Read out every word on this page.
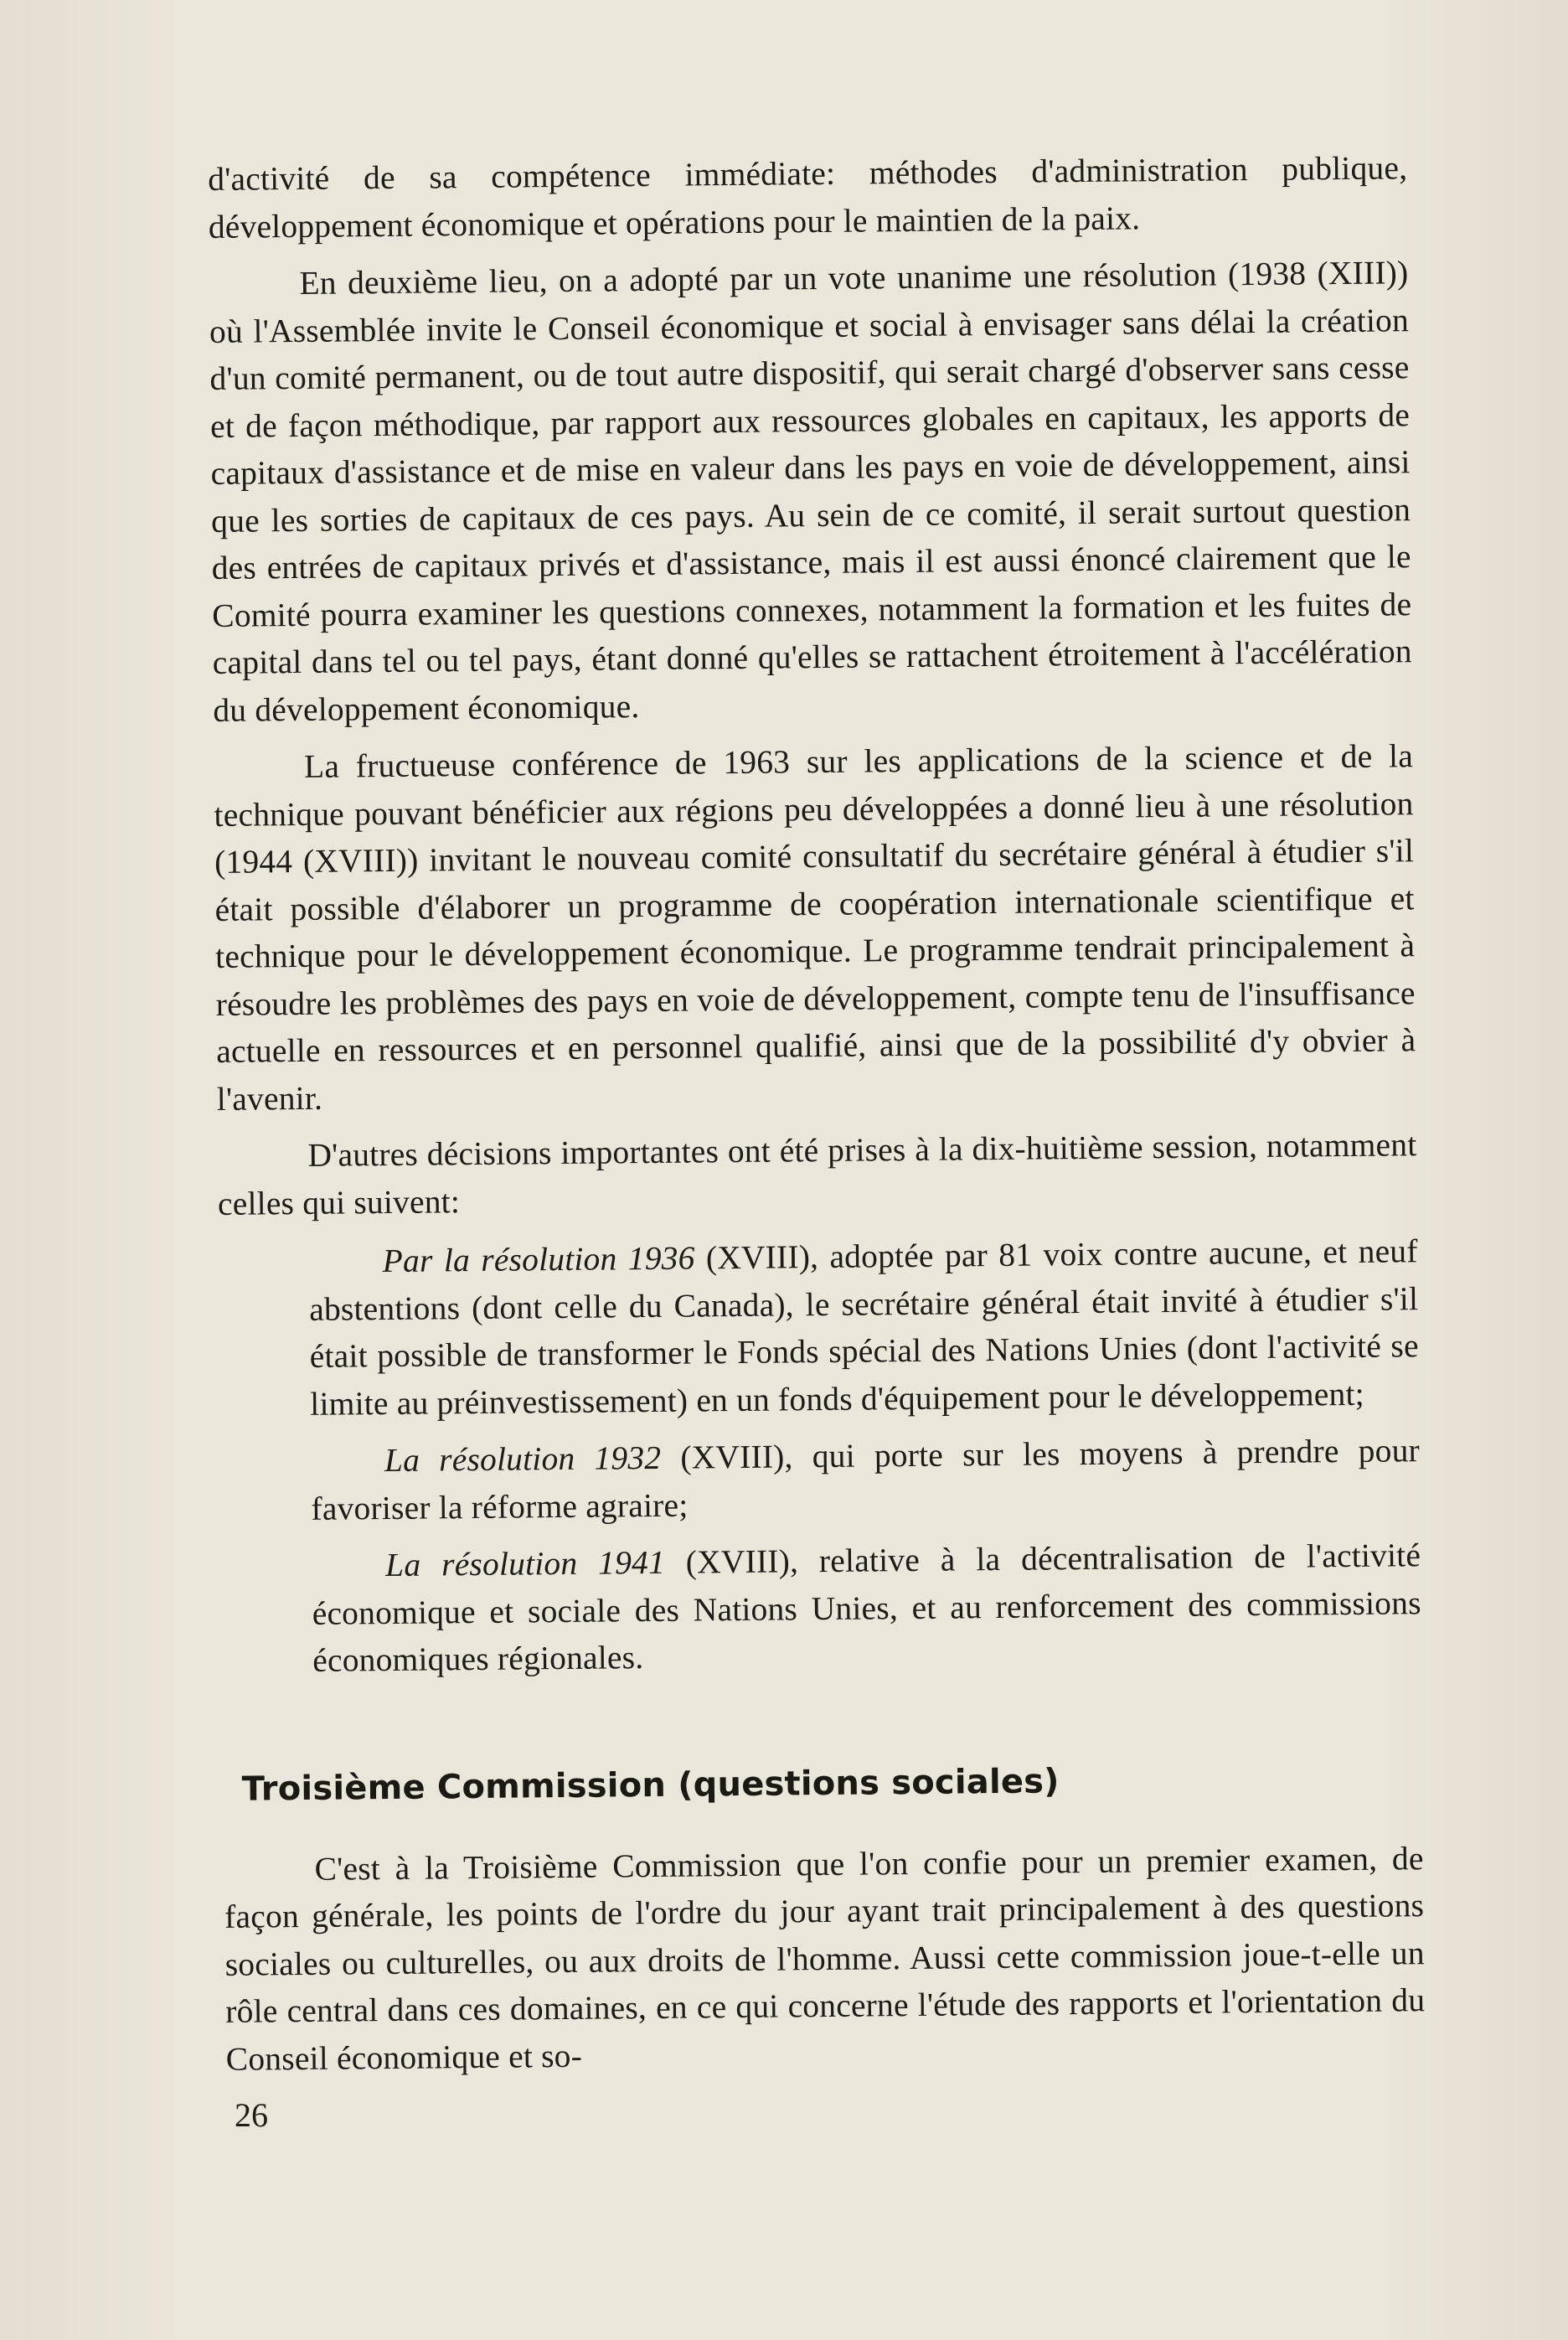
d'activité de sa compétence immédiate: méthodes d'administration publique, développement économique et opérations pour le maintien de la paix.

En deuxième lieu, on a adopté par un vote unanime une résolution (1938 (XIII)) où l'Assemblée invite le Conseil économique et social à envisager sans délai la création d'un comité permanent, ou de tout autre dispositif, qui serait chargé d'observer sans cesse et de façon méthodique, par rapport aux ressources globales en capitaux, les apports de capitaux d'assistance et de mise en valeur dans les pays en voie de développement, ainsi que les sorties de capitaux de ces pays. Au sein de ce comité, il serait surtout question des entrées de capitaux privés et d'assistance, mais il est aussi énoncé clairement que le Comité pourra examiner les questions connexes, notamment la formation et les fuites de capital dans tel ou tel pays, étant donné qu'elles se rattachent étroitement à l'accélération du développement économique.

La fructueuse conférence de 1963 sur les applications de la science et de la technique pouvant bénéficier aux régions peu développées a donné lieu à une résolution (1944 (XVIII)) invitant le nouveau comité consultatif du secrétaire général à étudier s'il était possible d'élaborer un programme de coopération internationale scientifique et technique pour le développement économique. Le programme tendrait principalement à résoudre les problèmes des pays en voie de développement, compte tenu de l'insuffisance actuelle en ressources et en personnel qualifié, ainsi que de la possibilité d'y obvier à l'avenir.

D'autres décisions importantes ont été prises à la dix-huitième session, notamment celles qui suivent:

Par la résolution 1936 (XVIII), adoptée par 81 voix contre aucune, et neuf abstentions (dont celle du Canada), le secrétaire général était invité à étudier s'il était possible de transformer le Fonds spécial des Nations Unies (dont l'activité se limite au préinvestissement) en un fonds d'équipement pour le développement;

La résolution 1932 (XVIII), qui porte sur les moyens à prendre pour favoriser la réforme agraire;

La résolution 1941 (XVIII), relative à la décentralisation de l'activité économique et sociale des Nations Unies, et au renforcement des commissions économiques régionales.

Troisième Commission (questions sociales)

C'est à la Troisième Commission que l'on confie pour un premier examen, de façon générale, les points de l'ordre du jour ayant trait principalement à des questions sociales ou culturelles, ou aux droits de l'homme. Aussi cette commission joue-t-elle un rôle central dans ces domaines, en ce qui concerne l'étude des rapports et l'orientation du Conseil économique et so-

26
